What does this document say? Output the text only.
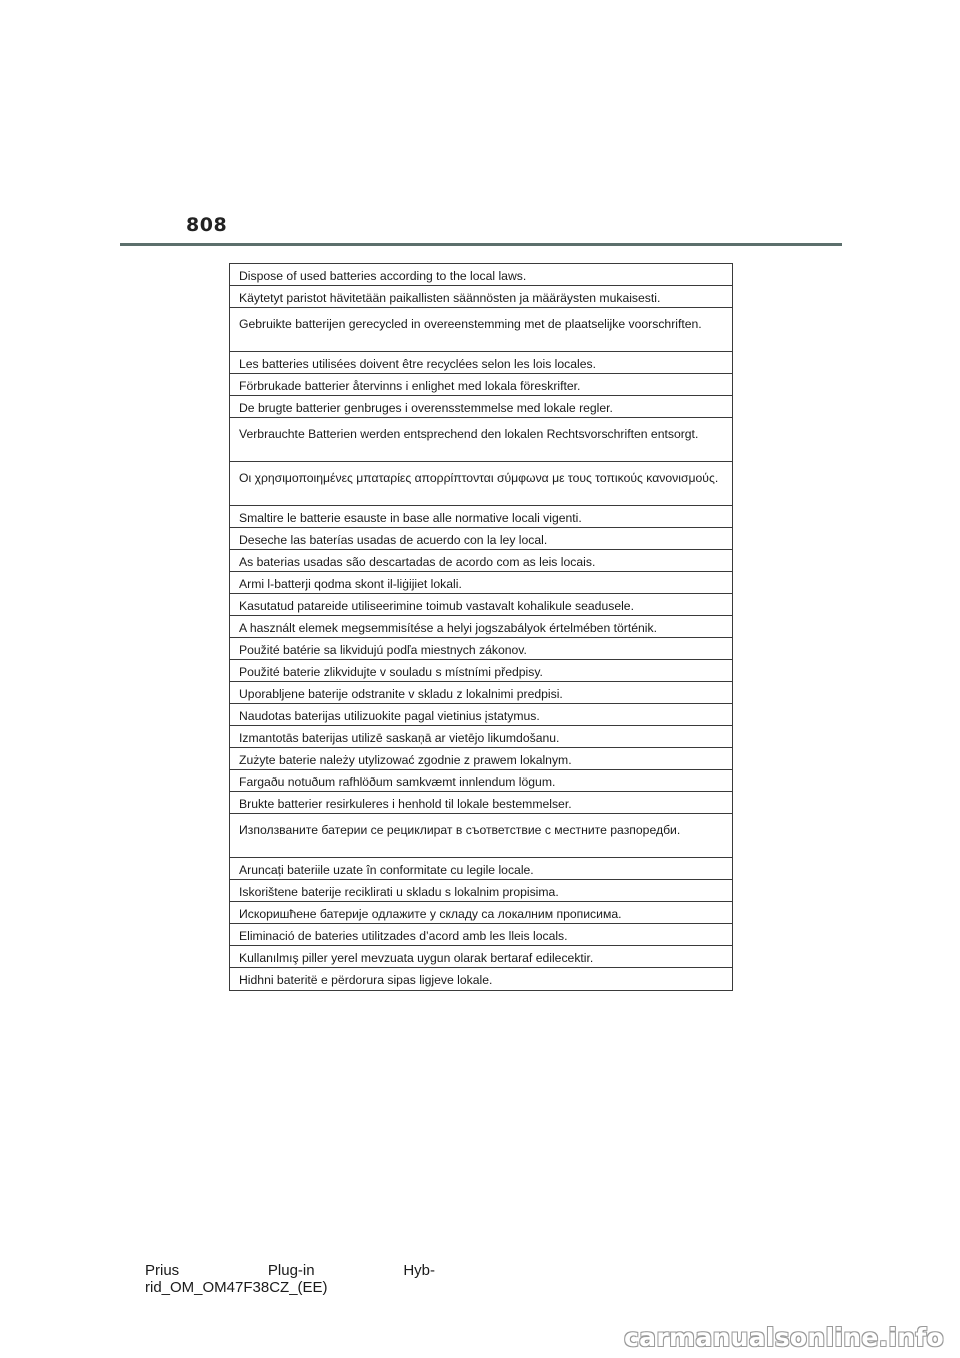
808
Dispose of used batteries according to the local laws.
Käytetyt paristot hävitetään paikallisten säännösten ja määräysten mukaisesti.
Gebruikte batterijen gerecycled in overeenstemming met de plaatselijke voorschriften.
Les batteries utilisées doivent être recyclées selon les lois locales.
Förbrukade batterier återvinns i enlighet med lokala föreskrifter.
De brugte batterier genbruges i overensstemmelse med lokale regler.
Verbrauchte Batterien werden entsprechend den lokalen Rechtsvorschriften entsorgt.
Οι χρησιμοποιημένες μπαταρίες απορρίπτονται σύμφωνα με τους τοπικούς κανονισμούς.
Smaltire le batterie esauste in base alle normative locali vigenti.
Deseche las baterías usadas de acuerdo con la ley local.
As baterias usadas são descartadas de acordo com as leis locais.
Armi l-batterji qodma skont il-liġijiet lokali.
Kasutatud patareide utiliseerimine toimub vastavalt kohalikule seadusele.
A használt elemek megsemmisítése a helyi jogszabályok értelmében történik.
Použité batérie sa likvidujú podľa miestnych zákonov.
Použité baterie zlikvidujte v souladu s místními předpisy.
Uporabljene baterije odstranite v skladu z lokalnimi predpisi.
Naudotas baterijas utilizuokite pagal vietinius įstatymus.
Izmantotās baterijas utilizē saskaņā ar vietējo likumdošanu.
Zużyte baterie należy utylizować zgodnie z prawem lokalnym.
Fargaðu notuðum rafhlöðum samkvæmt innlendum lögum.
Brukte batterier resirkuleres i henhold til lokale bestemmelser.
Използваните батерии се рециклират в съответствие с местните разпоредби.
Aruncați bateriile uzate în conformitate cu legile locale.
Iskorištene baterije reciklirati u skladu s lokalnim propisima.
Искоришћене батерије одлажите у складу са локалним прописима.
Eliminació de bateries utilitzades d’acord amb les lleis locals.
Kullanılmış piller yerel mevzuata uygun olarak bertaraf edilecektir.
Hidhni bateritë e përdorura sipas ligjeve lokale.
Prius	Plug-in	Hyb-
rid_OM_OM47F38CZ_(EE)
carmanualsonline.info
